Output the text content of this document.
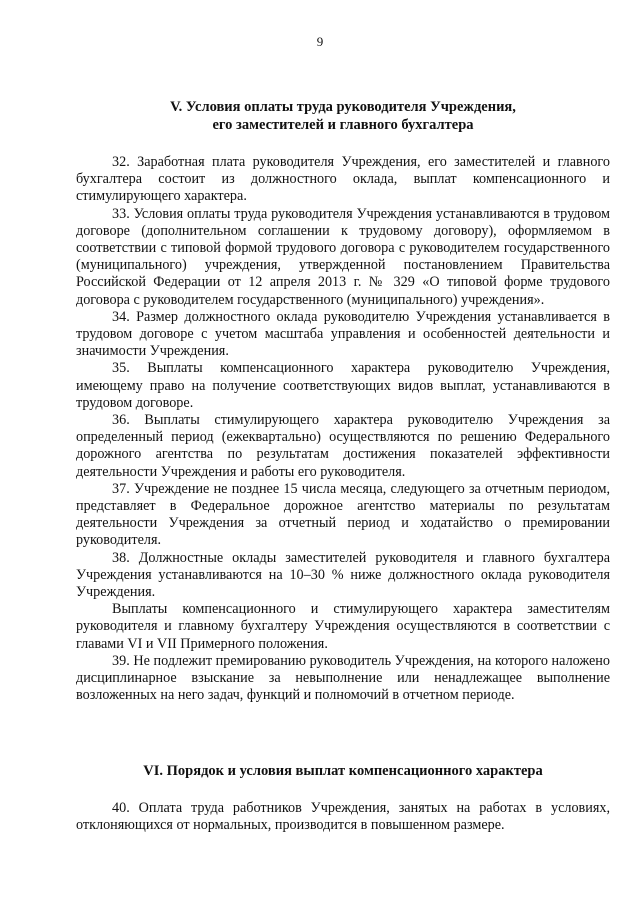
9
V. Условия оплаты труда руководителя Учреждения,
его заместителей и главного бухгалтера

32. Заработная плата руководителя Учреждения, его заместителей и главного бухгалтера состоит из должностного оклада, выплат компенсационного и стимулирующего характера.

33. Условия оплаты труда руководителя Учреждения устанавливаются в трудовом договоре (дополнительном соглашении к трудовому договору), оформляемом в соответствии с типовой формой трудового договора с руководителем государственного (муниципального) учреждения, утвержденной постановлением Правительства Российской Федерации от 12 апреля 2013 г. № 329 «О типовой форме трудового договора с руководителем государственного (муниципального) учреждения».

34. Размер должностного оклада руководителю Учреждения устанавливается в трудовом договоре с учетом масштаба управления и особенностей деятельности и значимости Учреждения.

35. Выплаты компенсационного характера руководителю Учреждения, имеющему право на получение соответствующих видов выплат, устанавливаются в трудовом договоре.

36. Выплаты стимулирующего характера руководителю Учреждения за определенный период (ежеквартально) осуществляются по решению Федерального дорожного агентства по результатам достижения показателей эффективности деятельности Учреждения и работы его руководителя.

37. Учреждение не позднее 15 числа месяца, следующего за отчетным периодом, представляет в Федеральное дорожное агентство материалы по результатам деятельности Учреждения за отчетный период и ходатайство о премировании руководителя.

38. Должностные оклады заместителей руководителя и главного бухгалтера Учреждения устанавливаются на 10–30 % ниже должностного оклада руководителя Учреждения.

Выплаты компенсационного и стимулирующего характера заместителям руководителя и главному бухгалтеру Учреждения осуществляются в соответствии с главами VI и VII Примерного положения.

39. Не подлежит премированию руководитель Учреждения, на которого наложено дисциплинарное взыскание за невыполнение или ненадлежащее выполнение возложенных на него задач, функций и полномочий в отчетном периоде.

VI. Порядок и условия выплат компенсационного характера

40. Оплата труда работников Учреждения, занятых на работах в условиях, отклоняющихся от нормальных, производится в повышенном размере.
